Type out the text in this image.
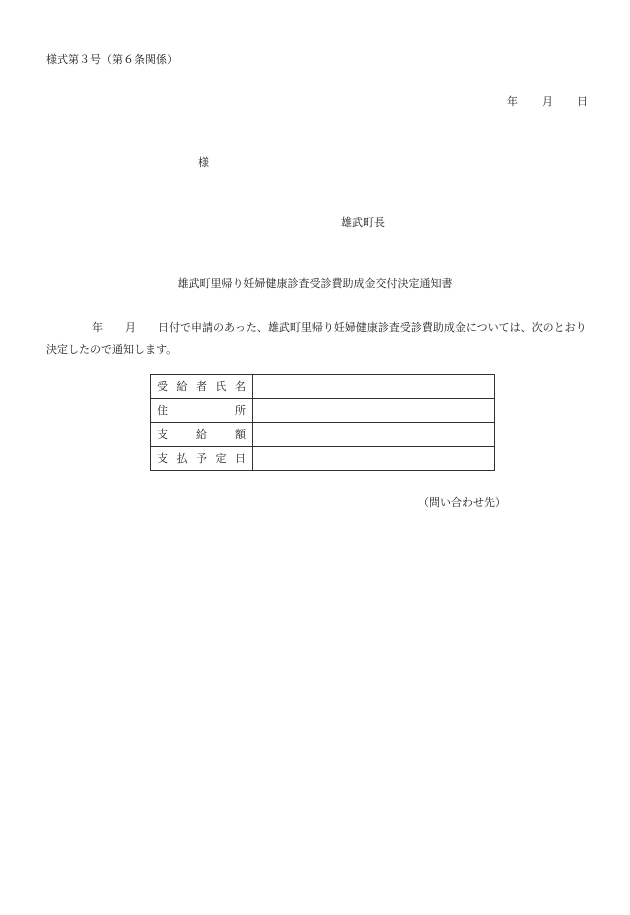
様式第３号（第６条関係）
年 月 日
様
雄武町長
雄武町里帰り妊婦健康診査受診費助成金交付決定通知書
年 月 日付で申請のあった、雄武町里帰り妊婦健康診査受診費助成金については、次のとおり決定したので通知します。
受給者氏名	
住所	
支給額	
支払予定日	
（問い合わせ先）
